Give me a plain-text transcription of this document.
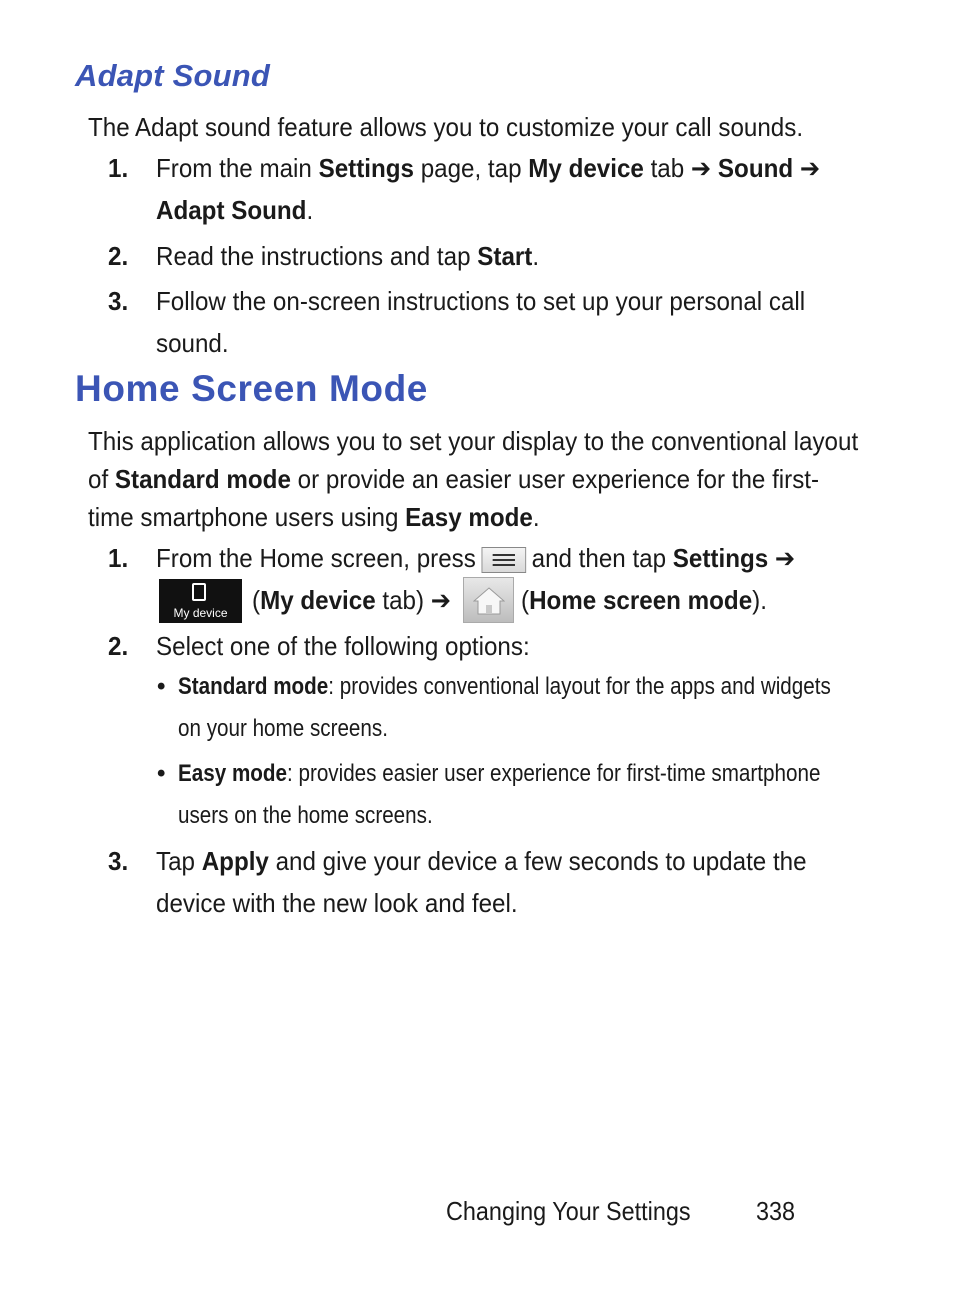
Adapt Sound
The Adapt sound feature allows you to customize your call sounds.
1. From the main Settings page, tap My device tab ➔ Sound ➔
Adapt Sound.
2. Read the instructions and tap Start.
3. Follow the on-screen instructions to set up your personal call sound.
Home Screen Mode
This application allows you to set your display to the conventional layout of Standard mode or provide an easier user experience for the first-time smartphone users using Easy mode.
1. From the Home screen, press and then tap Settings ➔
My device (My device tab) ➔	(Home screen mode).
2. Select one of the following options:
• Standard mode: provides conventional layout for the apps and widgets on your home screens.
• Easy mode: provides easier user experience for first-time smartphone users on the home screens.
3. Tap Apply and give your device a few seconds to update the device with the new look and feel.
Changing Your Settings	338
